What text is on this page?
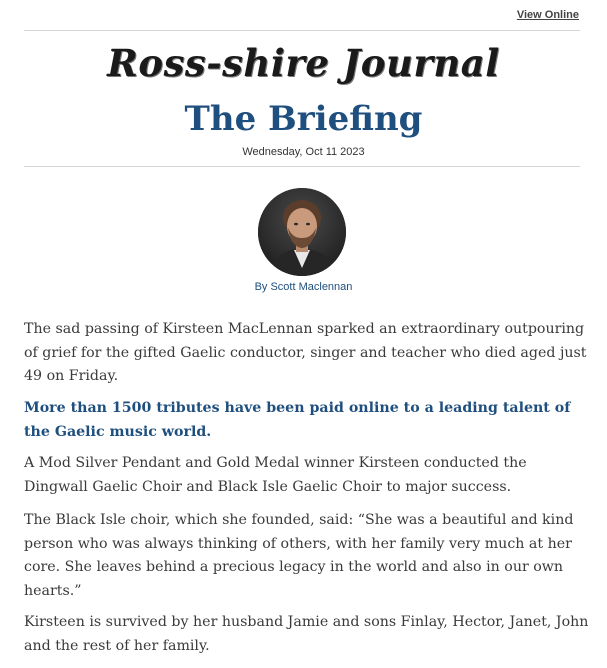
View Online
Ross-shire Journal
The Briefing
Wednesday, Oct 11 2023
By Scott Maclennan

The sad passing of Kirsteen MacLennan sparked an extraordinary outpouring of grief for the gifted Gaelic conductor, singer and teacher who died aged just 49 on Friday.

More than 1500 tributes have been paid online to a leading talent of the Gaelic music world.

A Mod Silver Pendant and Gold Medal winner Kirsteen conducted the Dingwall Gaelic Choir and Black Isle Gaelic Choir to major success.

The Black Isle choir, which she founded, said: “She was a beautiful and kind person who was always thinking of others, with her family very much at her core. She leaves behind a precious legacy in the world and also in our own hearts.”

Kirsteen is survived by her husband Jamie and sons Finlay, Hector, Janet, John and the rest of her family.
